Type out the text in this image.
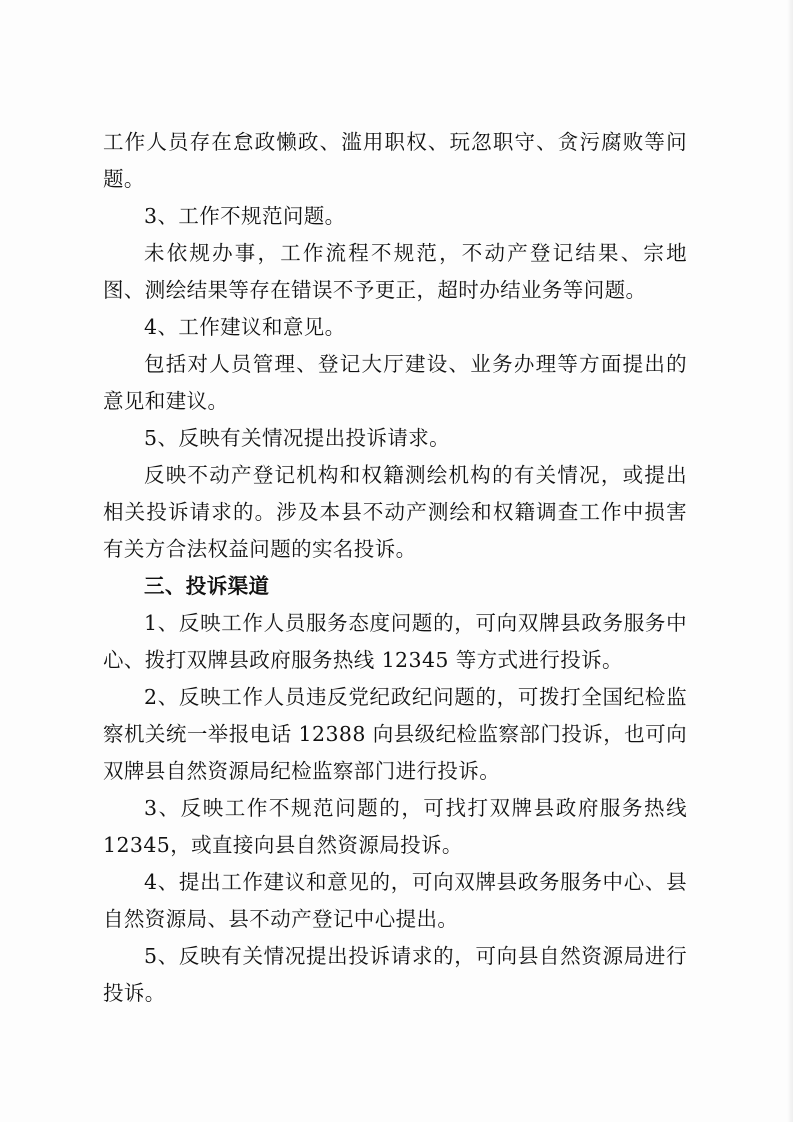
工作人员存在怠政懒政、滥用职权、玩忽职守、贪污腐败等问题。

3、工作不规范问题。

未依规办事，工作流程不规范，不动产登记结果、宗地图、测绘结果等存在错误不予更正，超时办结业务等问题。

4、工作建议和意见。

包括对人员管理、登记大厅建设、业务办理等方面提出的意见和建议。

5、反映有关情况提出投诉请求。

反映不动产登记机构和权籍测绘机构的有关情况，或提出相关投诉请求的。涉及本县不动产测绘和权籍调查工作中损害有关方合法权益问题的实名投诉。

三、投诉渠道

1、反映工作人员服务态度问题的，可向双牌县政务服务中心、拨打双牌县政府服务热线 12345 等方式进行投诉。

2、反映工作人员违反党纪政纪问题的，可拨打全国纪检监察机关统一举报电话 12388 向县级纪检监察部门投诉，也可向双牌县自然资源局纪检监察部门进行投诉。

3、反映工作不规范问题的，可找打双牌县政府服务热线12345，或直接向县自然资源局投诉。

4、提出工作建议和意见的，可向双牌县政务服务中心、县自然资源局、县不动产登记中心提出。

5、反映有关情况提出投诉请求的，可向县自然资源局进行投诉。
